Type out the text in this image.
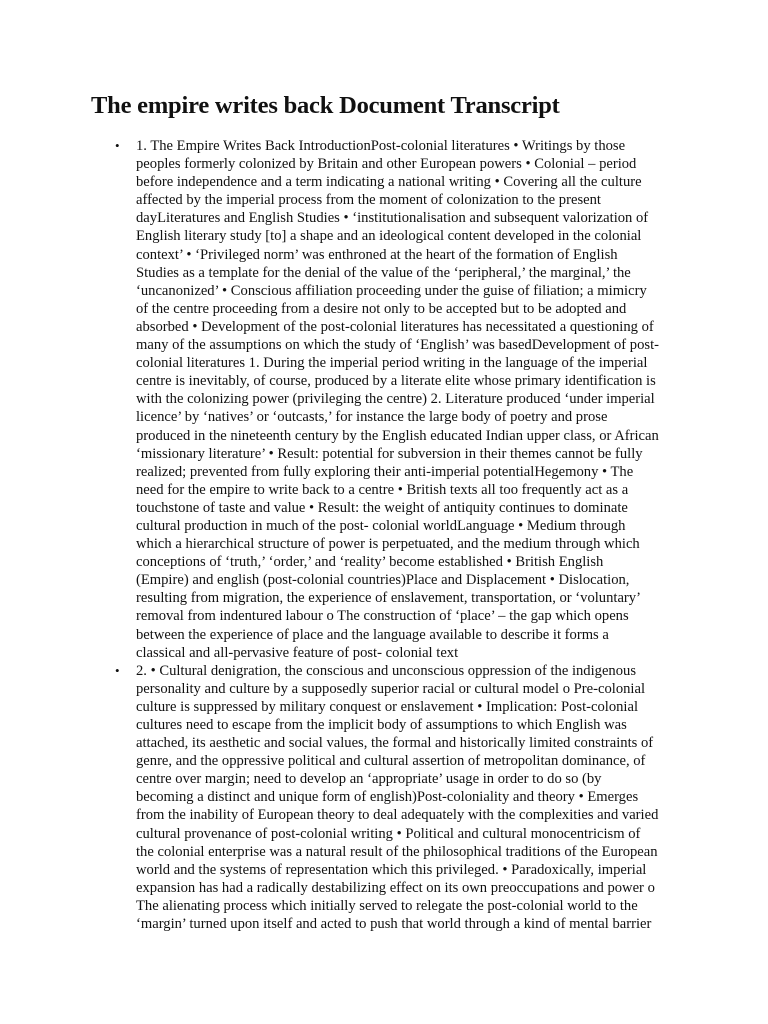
The empire writes back Document Transcript
• 1. The Empire Writes Back IntroductionPost-colonial literatures • Writings by those
peoples formerly colonized by Britain and other European powers • Colonial – period
before independence and a term indicating a national writing • Covering all the culture
affected by the imperial process from the moment of colonization to the present
dayLiteratures and English Studies • ‘institutionalisation and subsequent valorization of
English literary study [to] a shape and an ideological content developed in the colonial
context’ • ‘Privileged norm’ was enthroned at the heart of the formation of English
Studies as a template for the denial of the value of the ‘peripheral,’ the marginal,’ the
‘uncanonized’ • Conscious affiliation proceeding under the guise of filiation; a mimicry
of the centre proceeding from a desire not only to be accepted but to be adopted and
absorbed • Development of the post-colonial literatures has necessitated a questioning of
many of the assumptions on which the study of ‘English’ was basedDevelopment of post-
colonial literatures 1. During the imperial period writing in the language of the imperial
centre is inevitably, of course, produced by a literate elite whose primary identification is
with the colonizing power (privileging the centre) 2. Literature produced ‘under imperial
licence’ by ‘natives’ or ‘outcasts,’ for instance the large body of poetry and prose
produced in the nineteenth century by the English educated Indian upper class, or African
‘missionary literature’ • Result: potential for subversion in their themes cannot be fully
realized; prevented from fully exploring their anti-imperial potentialHegemony • The
need for the empire to write back to a centre • British texts all too frequently act as a
touchstone of taste and value • Result: the weight of antiquity continues to dominate
cultural production in much of the post- colonial worldLanguage • Medium through
which a hierarchical structure of power is perpetuated, and the medium through which
conceptions of ‘truth,’ ‘order,’ and ‘reality’ become established • British English
(Empire) and english (post-colonial countries)Place and Displacement • Dislocation,
resulting from migration, the experience of enslavement, transportation, or ‘voluntary’
removal from indentured labour o The construction of ‘place’ – the gap which opens
between the experience of place and the language available to describe it forms a
classical and all-pervasive feature of post- colonial text
• 2. • Cultural denigration, the conscious and unconscious oppression of the indigenous
personality and culture by a supposedly superior racial or cultural model o Pre-colonial
culture is suppressed by military conquest or enslavement • Implication: Post-colonial
cultures need to escape from the implicit body of assumptions to which English was
attached, its aesthetic and social values, the formal and historically limited constraints of
genre, and the oppressive political and cultural assertion of metropolitan dominance, of
centre over margin; need to develop an ‘appropriate’ usage in order to do so (by
becoming a distinct and unique form of english)Post-coloniality and theory • Emerges
from the inability of European theory to deal adequately with the complexities and varied
cultural provenance of post-colonial writing • Political and cultural monocentricism of
the colonial enterprise was a natural result of the philosophical traditions of the European
world and the systems of representation which this privileged. • Paradoxically, imperial
expansion has had a radically destabilizing effect on its own preoccupations and power o
The alienating process which initially served to relegate the post-colonial world to the
‘margin’ turned upon itself and acted to push that world through a kind of mental barrier
